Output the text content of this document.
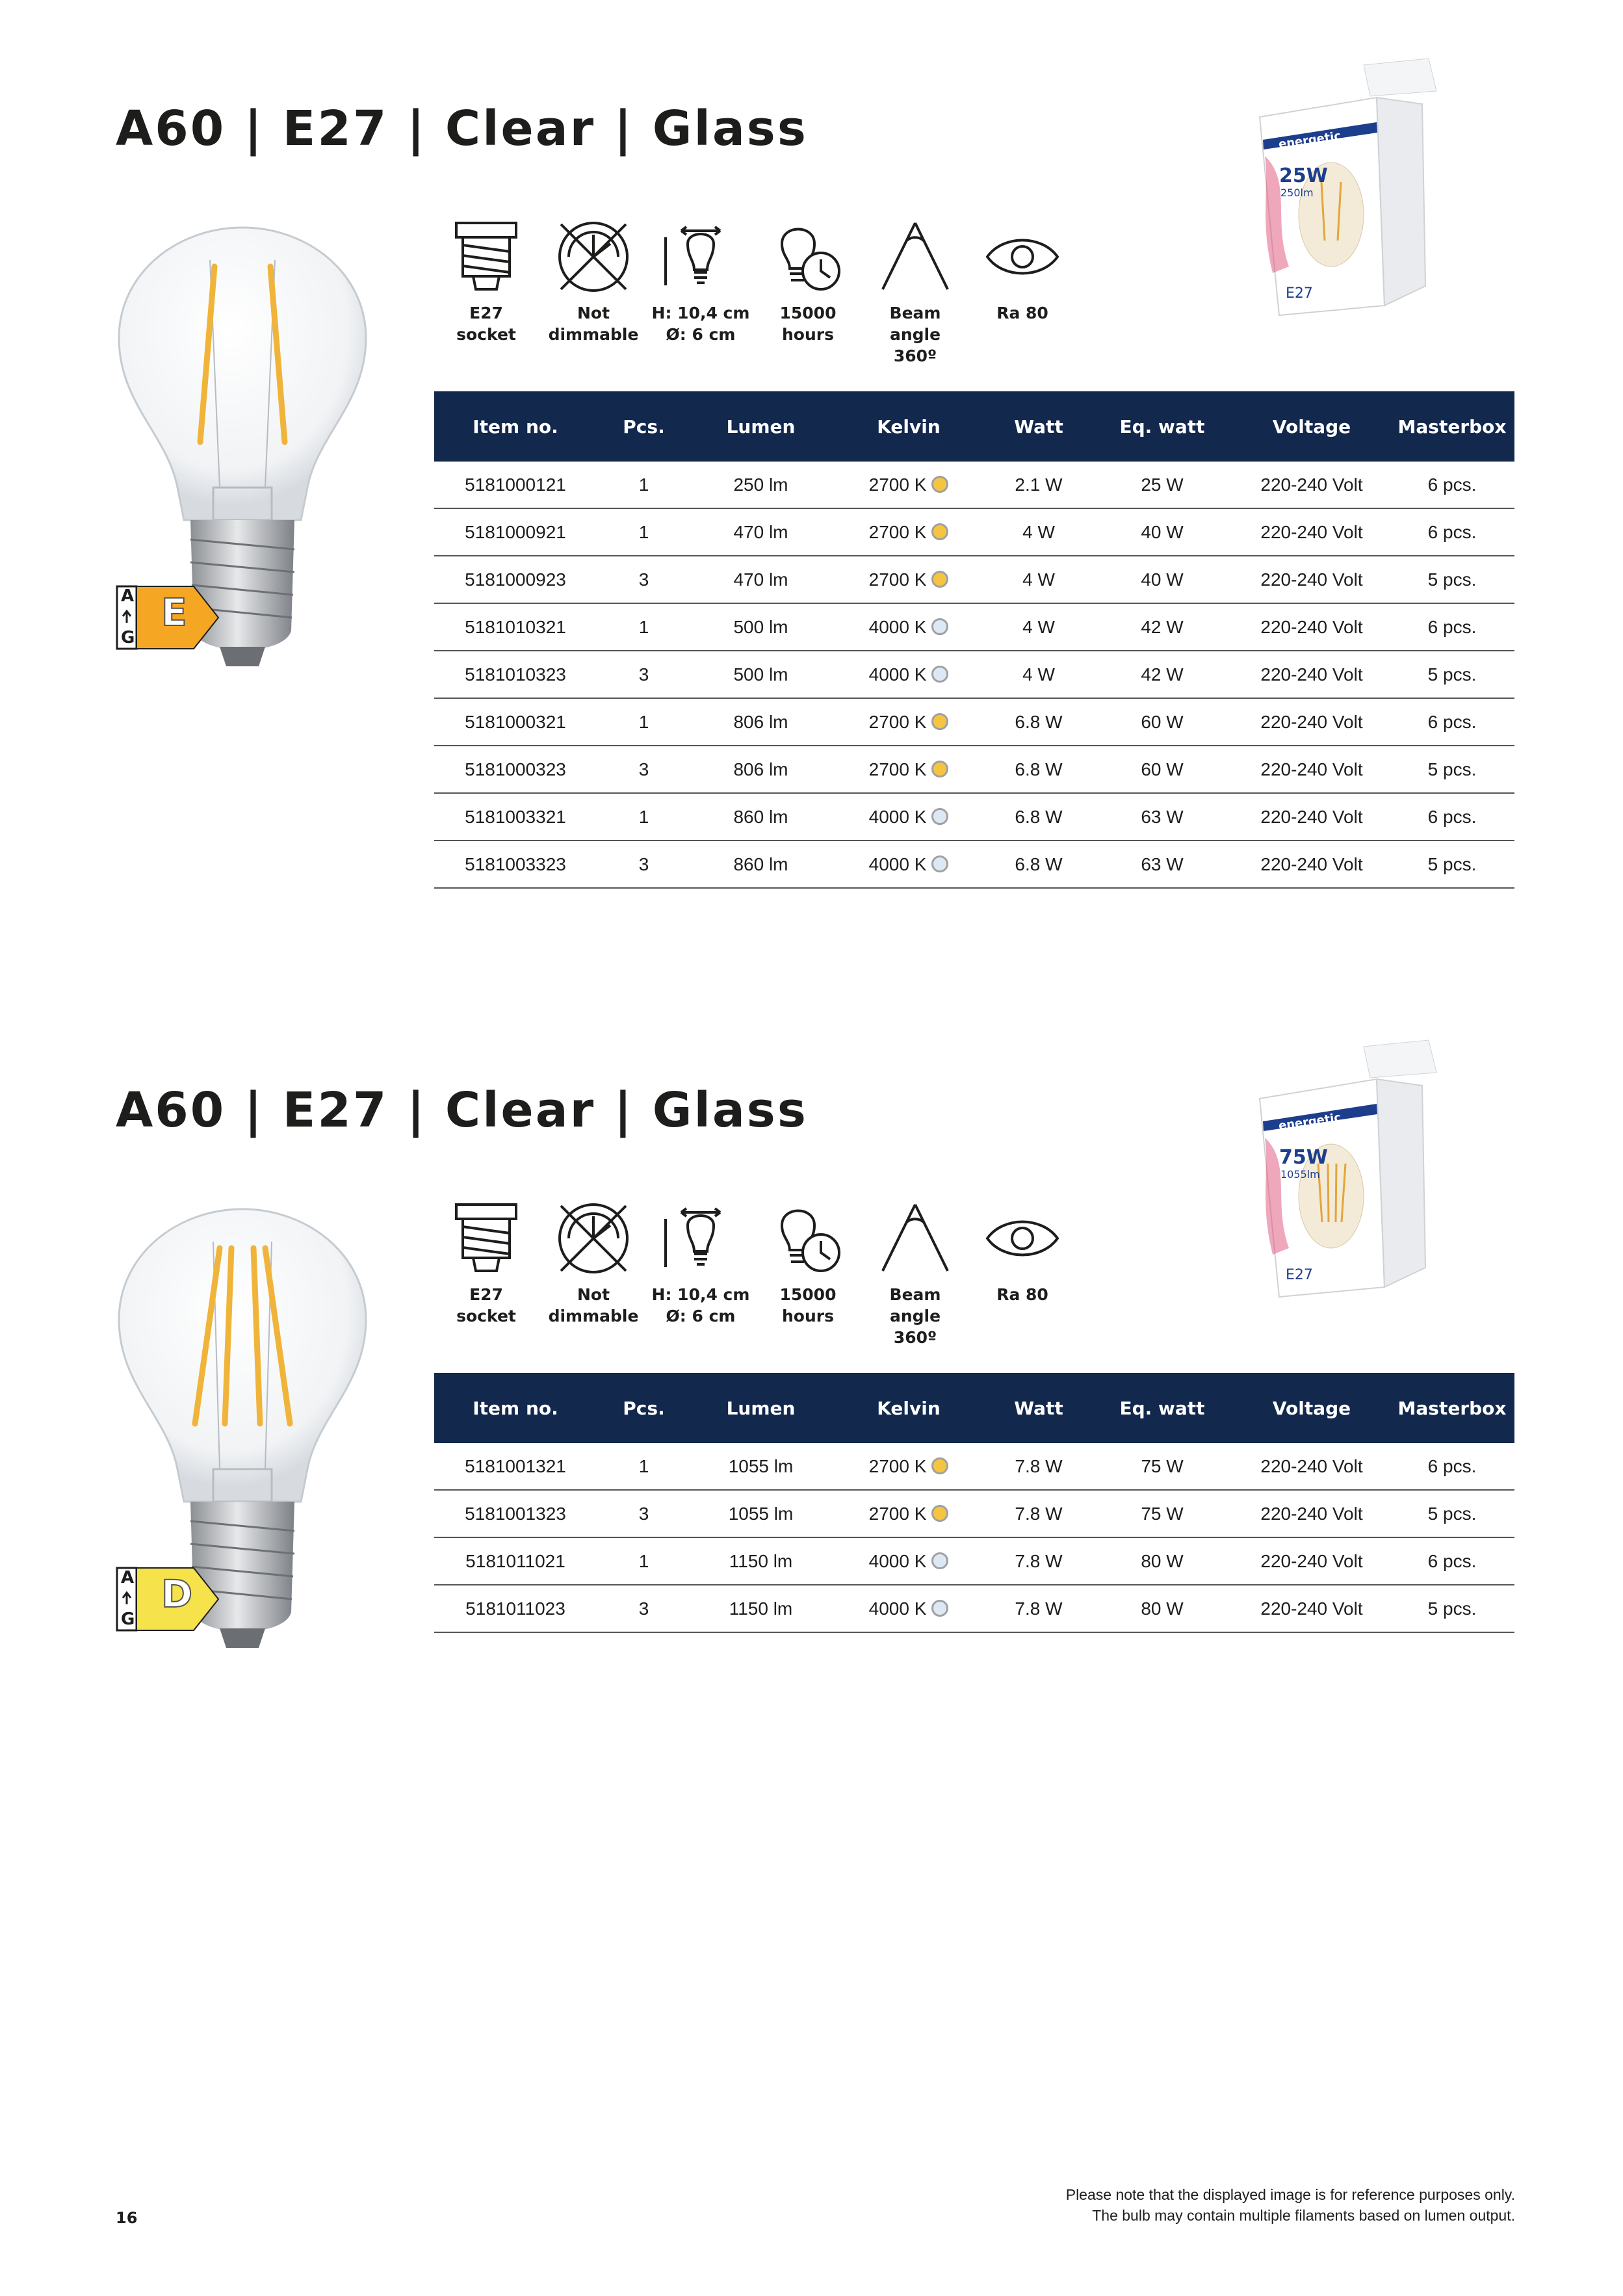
A60 | E27 | Clear | Glass
A
G
E
E27
socket
Not
dimmable
H: 10,4 cm
Ø: 6 cm
15000
hours
Beam angle
360º
Ra 80
energetic
25W
250lm
E27
Item no.	Pcs.	Lumen	Kelvin	Watt	Eq. watt	Voltage	Masterbox
5181000121	1	250 lm	2700 K	2.1 W	25 W	220-240 Volt	6 pcs.
5181000921	1	470 lm	2700 K	4 W	40 W	220-240 Volt	6 pcs.
5181000923	3	470 lm	2700 K	4 W	40 W	220-240 Volt	5 pcs.
5181010321	1	500 lm	4000 K	4 W	42 W	220-240 Volt	6 pcs.
5181010323	3	500 lm	4000 K	4 W	42 W	220-240 Volt	5 pcs.
5181000321	1	806 lm	2700 K	6.8 W	60 W	220-240 Volt	6 pcs.
5181000323	3	806 lm	2700 K	6.8 W	60 W	220-240 Volt	5 pcs.
5181003321	1	860 lm	4000 K	6.8 W	63 W	220-240 Volt	6 pcs.
5181003323	3	860 lm	4000 K	6.8 W	63 W	220-240 Volt	5 pcs.
A60 | E27 | Clear | Glass
A
G
D
E27
socket
Not
dimmable
H: 10,4 cm
Ø: 6 cm
15000
hours
Beam angle
360º
Ra 80
energetic
75W
1055lm
E27
Item no.	Pcs.	Lumen	Kelvin	Watt	Eq. watt	Voltage	Masterbox
5181001321	1	1055 lm	2700 K	7.8 W	75 W	220-240 Volt	6 pcs.
5181001323	3	1055 lm	2700 K	7.8 W	75 W	220-240 Volt	5 pcs.
5181011021	1	1150 lm	4000 K	7.8 W	80 W	220-240 Volt	6 pcs.
5181011023	3	1150 lm	4000 K	7.8 W	80 W	220-240 Volt	5 pcs.
Please note that the displayed image is for reference purposes only.
The bulb may contain multiple filaments based on lumen output.
16
